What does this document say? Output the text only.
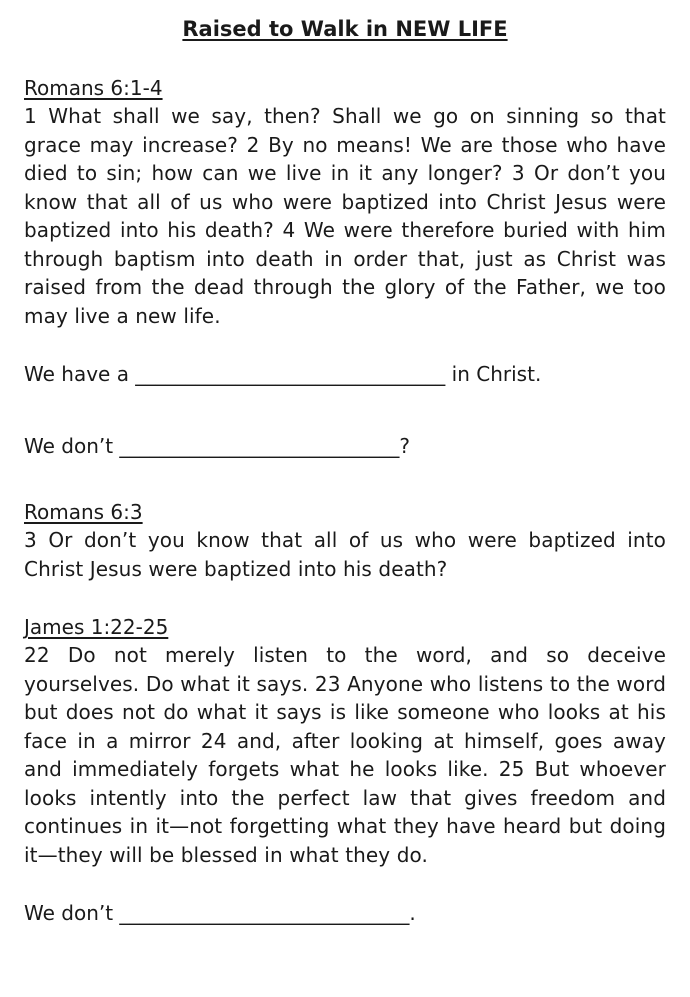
Raised to Walk in NEW LIFE

Romans 6:1-4

1 What shall we say, then? Shall we go on sinning so that grace may increase? 2 By no means! We are those who have died to sin; how can we live in it any longer? 3 Or don’t you know that all of us who were baptized into Christ Jesus were baptized into his death? 4 We were therefore buried with him through baptism into death in order that, just as Christ was raised from the dead through the glory of the Father, we too may live a new life.

We have a _______________________________ in Christ.

We don’t ____________________________?

Romans 6:3

3 Or don’t you know that all of us who were baptized into Christ Jesus were baptized into his death?

James 1:22-25

22 Do not merely listen to the word, and so deceive yourselves. Do what it says. 23 Anyone who listens to the word but does not do what it says is like someone who looks at his face in a mirror 24 and, after looking at himself, goes away and immediately forgets what he looks like. 25 But whoever looks intently into the perfect law that gives freedom and continues in it—not forgetting what they have heard but doing it—they will be blessed in what they do.

We don’t _____________________________.
